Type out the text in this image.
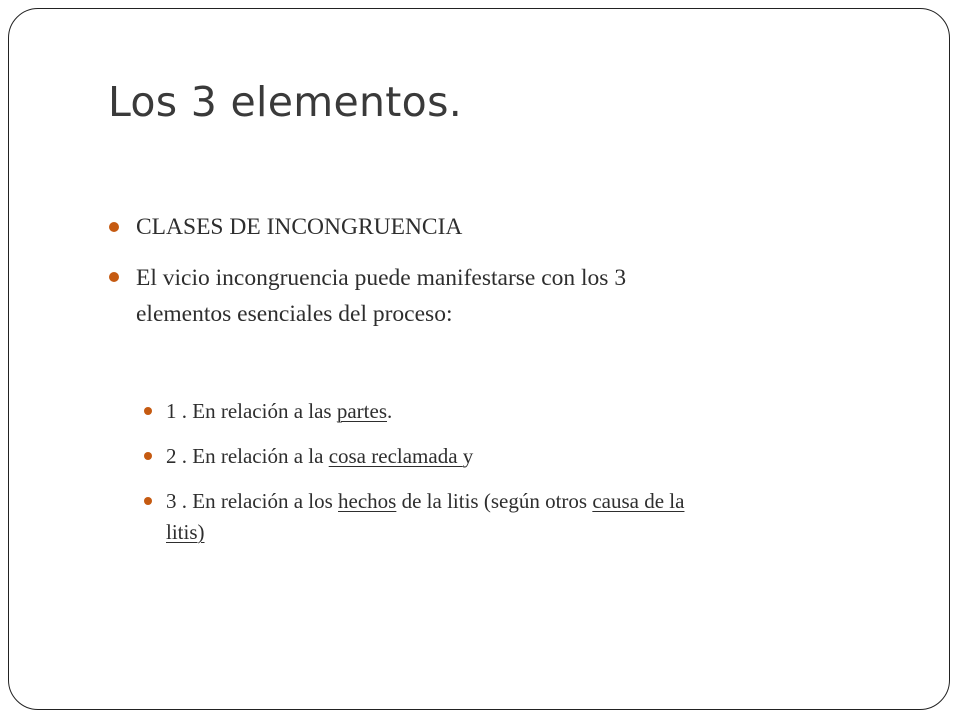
Los 3 elementos.
CLASES DE INCONGRUENCIA
El vicio incongruencia puede manifestarse con los 3
elementos esenciales del proceso:
1 . En relación a las partes.
2 . En relación a la cosa reclamada y
3 . En relación a los hechos de la litis (según otros causa de la
litis)
